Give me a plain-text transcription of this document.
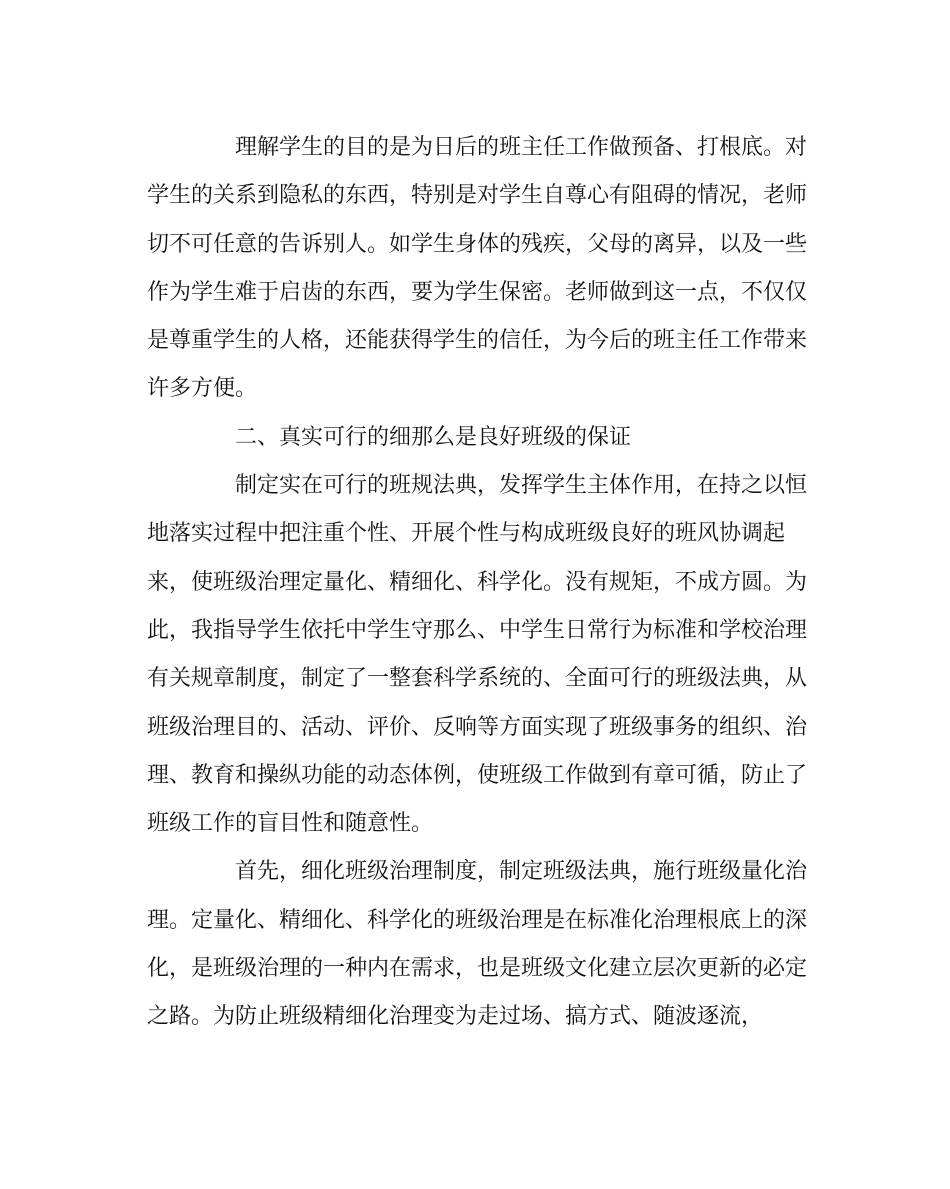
理解学生的目的是为日后的班主任工作做预备、打根底。对
学生的关系到隐私的东西，特别是对学生自尊心有阻碍的情况，老师
切不可任意的告诉别人。如学生身体的残疾，父母的离异，以及一些
作为学生难于启齿的东西，要为学生保密。老师做到这一点，不仅仅
是尊重学生的人格，还能获得学生的信任，为今后的班主任工作带来
许多方便。
二、真实可行的细那么是良好班级的保证
制定实在可行的班规法典，发挥学生主体作用，在持之以恒
地落实过程中把注重个性、开展个性与构成班级良好的班风协调起
来，使班级治理定量化、精细化、科学化。没有规矩，不成方圆。为
此，我指导学生依托中学生守那么、中学生日常行为标准和学校治理
有关规章制度，制定了一整套科学系统的、全面可行的班级法典，从
班级治理目的、活动、评价、反响等方面实现了班级事务的组织、治
理、教育和操纵功能的动态体例，使班级工作做到有章可循，防止了
班级工作的盲目性和随意性。
首先，细化班级治理制度，制定班级法典，施行班级量化治
理。定量化、精细化、科学化的班级治理是在标准化治理根底上的深
化，是班级治理的一种内在需求，也是班级文化建立层次更新的必定
之路。为防止班级精细化治理变为走过场、搞方式、随波逐流，
